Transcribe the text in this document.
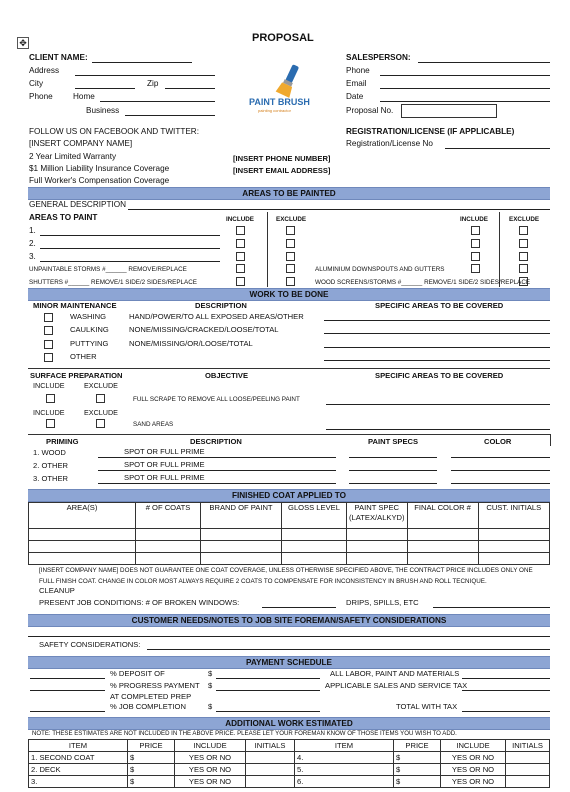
✥	PROPOSAL
CLIENT NAME:
Address
City	Zip
Phone Home
Business
PAINT BRUSH
painting contractor
SALESPERSON:
Phone
Email
Date
Proposal No.
FOLLOW US ON FACEBOOK AND TWITTER:
[INSERT COMPANY NAME]
2 Year Limited Warranty
$1 Million Liability Insurance Coverage
Full Worker's Compensation Coverage
[INSERT PHONE NUMBER]
[INSERT EMAIL ADDRESS]
REGISTRATION/LICENSE (IF APPLICABLE)
Registration/License No
AREAS TO BE PAINTED
GENERAL DESCRIPTION
AREAS TO PAINT	INCLUDE	EXCLUDE	INCLUDE	EXCLUDE
1.
2.
3.
UNPAINTABLE STORMS #______ REMOVE/REPLACE
SHUTTERS #______ REMOVE/1 SIDE/2 SIDES/REPLACE
ALUMINIUM DOWNSPOUTS AND GUTTERS
WOOD SCREENS/STORMS #______ REMOVE/1 SIDE/2 SIDES/REPLACE
WORK TO BE DONE
MINOR MAINTENANCE	DESCRIPTION	SPECIFIC AREAS TO BE COVERED
WASHING	HAND/POWER/TO ALL EXPOSED AREAS/OTHER
CAULKING	NONE/MISSING/CRACKED/LOOSE/TOTAL
PUTTYING	NONE/MISSING/OR/LOOSE/TOTAL
OTHER
SURFACE PREPARATION	OBJECTIVE	SPECIFIC AREAS TO BE COVERED
INCLUDE	EXCLUDE
FULL SCRAPE TO REMOVE ALL LOOSE/PEELING PAINT
INCLUDE	EXCLUDE
SAND AREAS
PRIMING	DESCRIPTION	PAINT SPECS	COLOR
1. WOOD	SPOT OR FULL PRIME
2. OTHER	SPOT OR FULL PRIME
3. OTHER	SPOT OR FULL PRIME
FINISHED COAT APPLIED TO
AREA(S)	# OF COATS	BRAND OF PAINT	GLOSS LEVEL	PAINT SPEC (LATEX/ALKYD)	FINAL COLOR #	CUST. INITIALS

[INSERT COMPANY NAME] DOES NOT GUARANTEE ONE COAT COVERAGE, UNLESS OTHERWISE SPECIFIED ABOVE, THE CONTRACT PRICE INCLUDES ONLY ONE
FULL FINISH COAT. CHANGE IN COLOR MOST ALWAYS REQUIRE 2 COATS TO COMPENSATE FOR INCONSISTENCY IN BRUSH AND ROLL TECNIQUE.
CLEANUP
PRESENT JOB CONDITIONS: # OF BROKEN WINDOWS:	DRIPS, SPILLS, ETC
CUSTOMER NEEDS/NOTES TO JOB SITE FOREMAN/SAFETY CONSIDERATIONS
SAFETY CONSIDERATIONS:
PAYMENT SCHEDULE
% DEPOSIT OF	$	ALL LABOR, PAINT AND MATERIALS
% PROGRESS PAYMENT $	APPLICABLE SALES AND SERVICE TAX
AT COMPLETED PREP
% JOB COMPLETION	$	TOTAL WITH TAX
ADDITIONAL WORK ESTIMATED
NOTE: THESE ESTIMATES ARE NOT INCLUDED IN THE ABOVE PRICE. PLEASE LET YOUR FOREMAN KNOW OF THOSE ITEMS YOU WISH TO ADD.
ITEM	PRICE	INCLUDE	INITIALS	ITEM	PRICE	INCLUDE	INITIALS
1. SECOND COAT	$	YES OR NO		4.	$	YES OR NO	
2. DECK	$	YES OR NO		5.	$	YES OR NO	
3.	$	YES OR NO		6.	$	YES OR NO	
